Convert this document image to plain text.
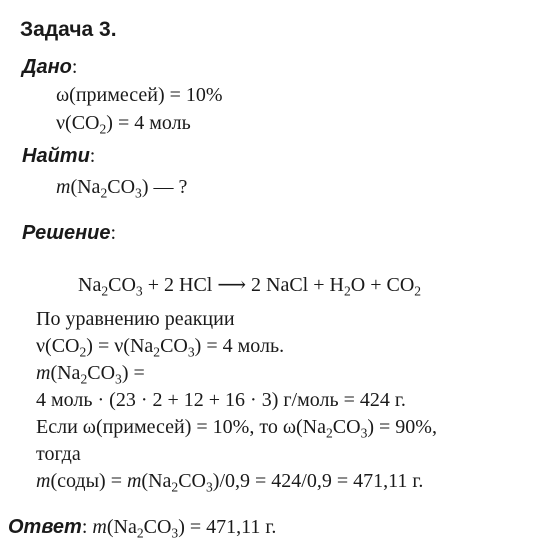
Задача 3.
Дано:
ω(примесей) = 10%
$\nu(CO_2) = 4$ моль
Найти:
$m(Na_2CO_3)$ — ?
Решение:
$Na_2CO_3 + 2$ HCl ⟶ 2 NaCl + $H_2O + CO_2$
По уравнению реакции
$\nu(CO_2) = \nu(Na_2CO_3) = 4$ моль.
$m(Na_2CO_3)$ =
4 моль · (23 · 2 + 12 + 16 · 3) г/моль = 424 г.
Если ω(примесей) = 10%, то $\omega(Na_2CO_3) = 90\%$,
тогда
m(соды) = $m(Na_2CO_3)/0,9 = 424/0,9 = 471,11$ г.
Ответ: $m(Na_2CO_3) = 471,11$ г.
